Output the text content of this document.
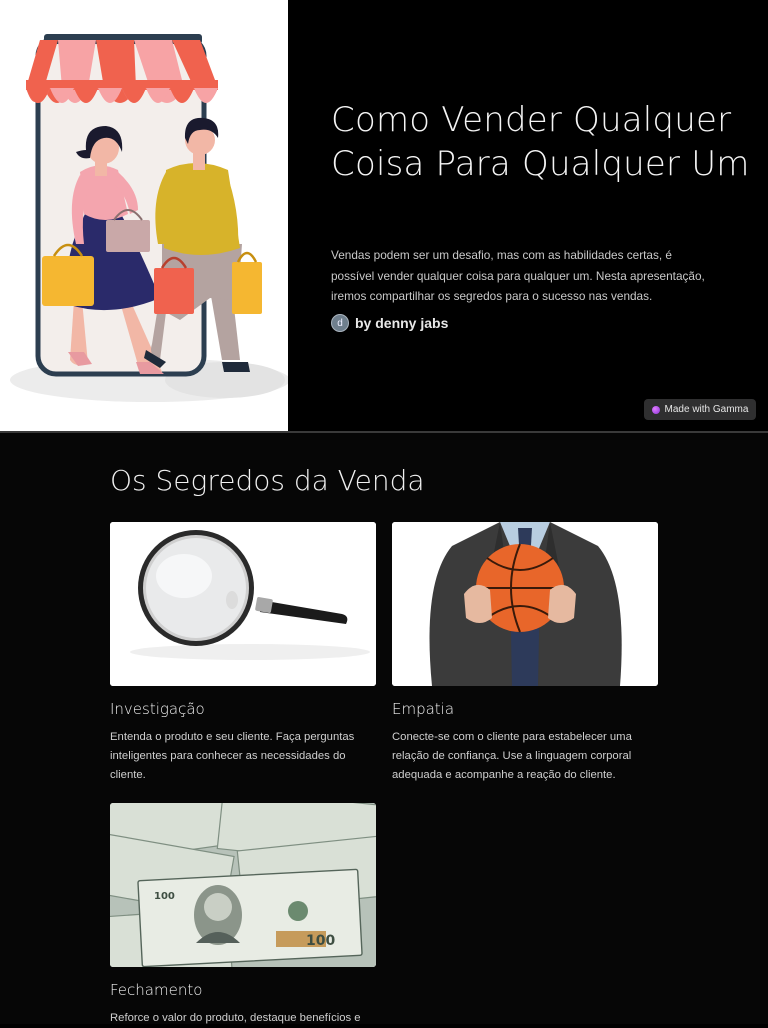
Como Vender Qualquer Coisa Para Qualquer Um

Vendas podem ser um desafio, mas com as habilidades certas, é possível vender qualquer coisa para qualquer um. Nesta apresentação, iremos compartilhar os segredos para o sucesso nas vendas.

d by denny jabs
Made with Gamma
Os Segredos da Venda
Investigação

Entenda o produto e seu cliente. Faça perguntas inteligentes para conhecer as necessidades do cliente.

Empatia

Conecte-se com o cliente para estabelecer uma relação de confiança. Use a linguagem corporal adequada e acompanhe a reação do cliente.

100
100
Fechamento

Reforce o valor do produto, destaque benefícios e
